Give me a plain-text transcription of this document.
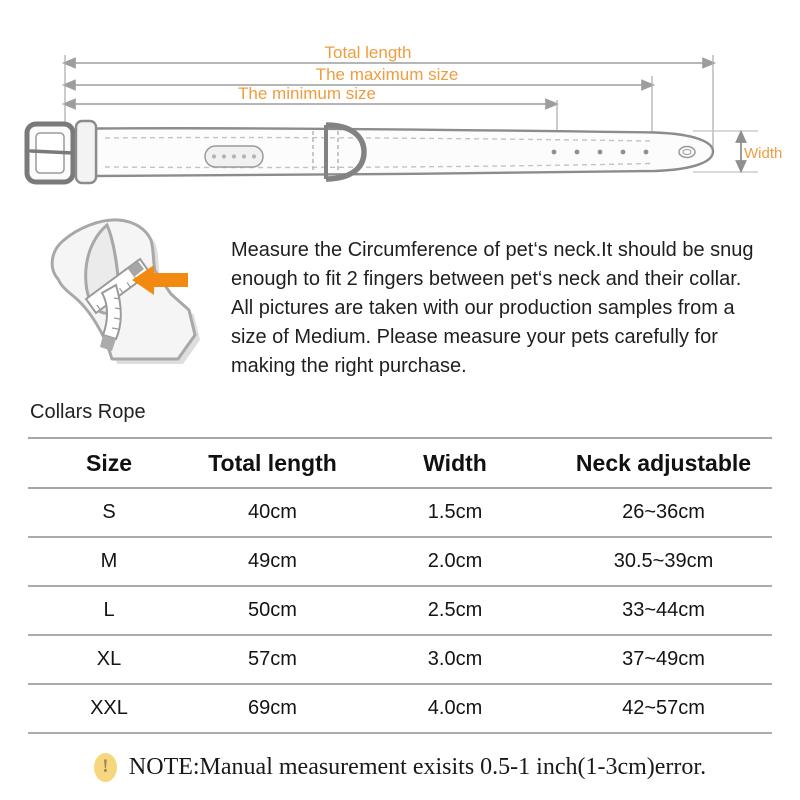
Total length
The maximum size
The minimum size
Width
Measure the Circumference of pet‘s neck.It should be snug
enough to fit 2 fingers between pet‘s neck and their collar.
All pictures are taken with our production samples from a
size of Medium. Please measure your pets carefully for
making the right purchase.
Collars Rope
Size	Total length	Width	Neck adjustable
S	40cm	1.5cm	26~36cm
M	49cm	2.0cm	30.5~39cm
L	50cm	2.5cm	33~44cm
XL	57cm	3.0cm	37~49cm
XXL	69cm	4.0cm	42~57cm
! NOTE:Manual measurement exisits 0.5-1 inch(1-3cm)error.
